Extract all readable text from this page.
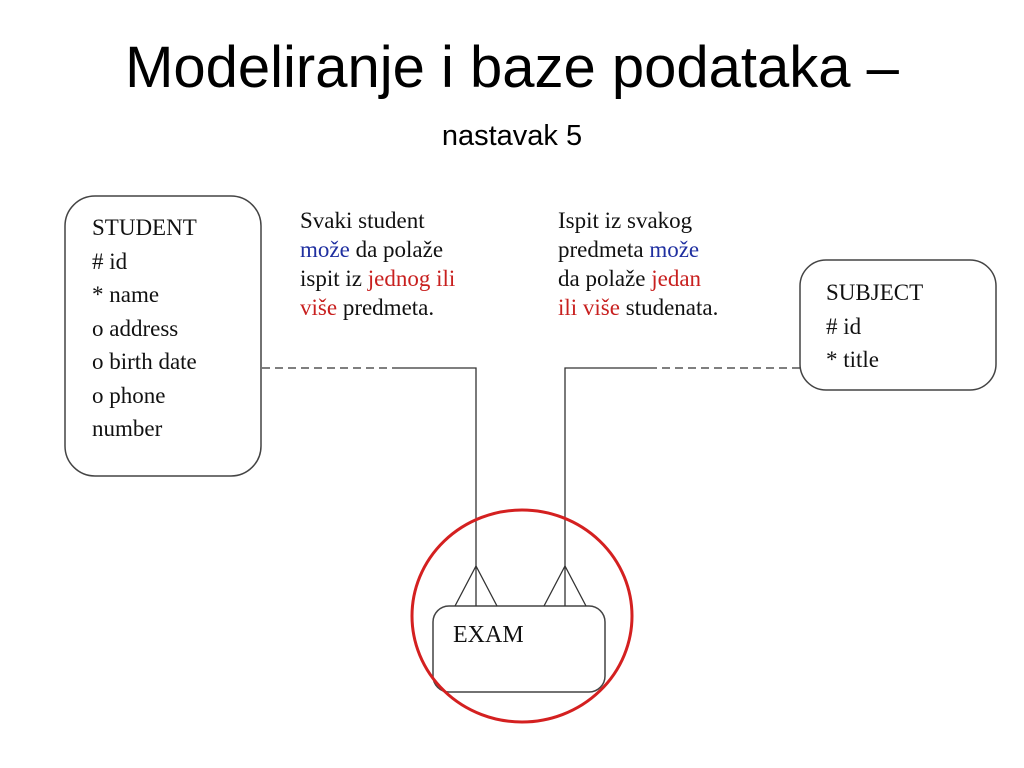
Modeliranje i baze podataka –
nastavak 5
STUDENT
# id
* name
o address
o birth date
o phone
number
SUBJECT
# id
* title
EXAM
Svaki student
može da polaže
ispit iz jednog ili
više predmeta.
Ispit iz svakog
predmeta može
da polaže jedan
ili više studenata.
